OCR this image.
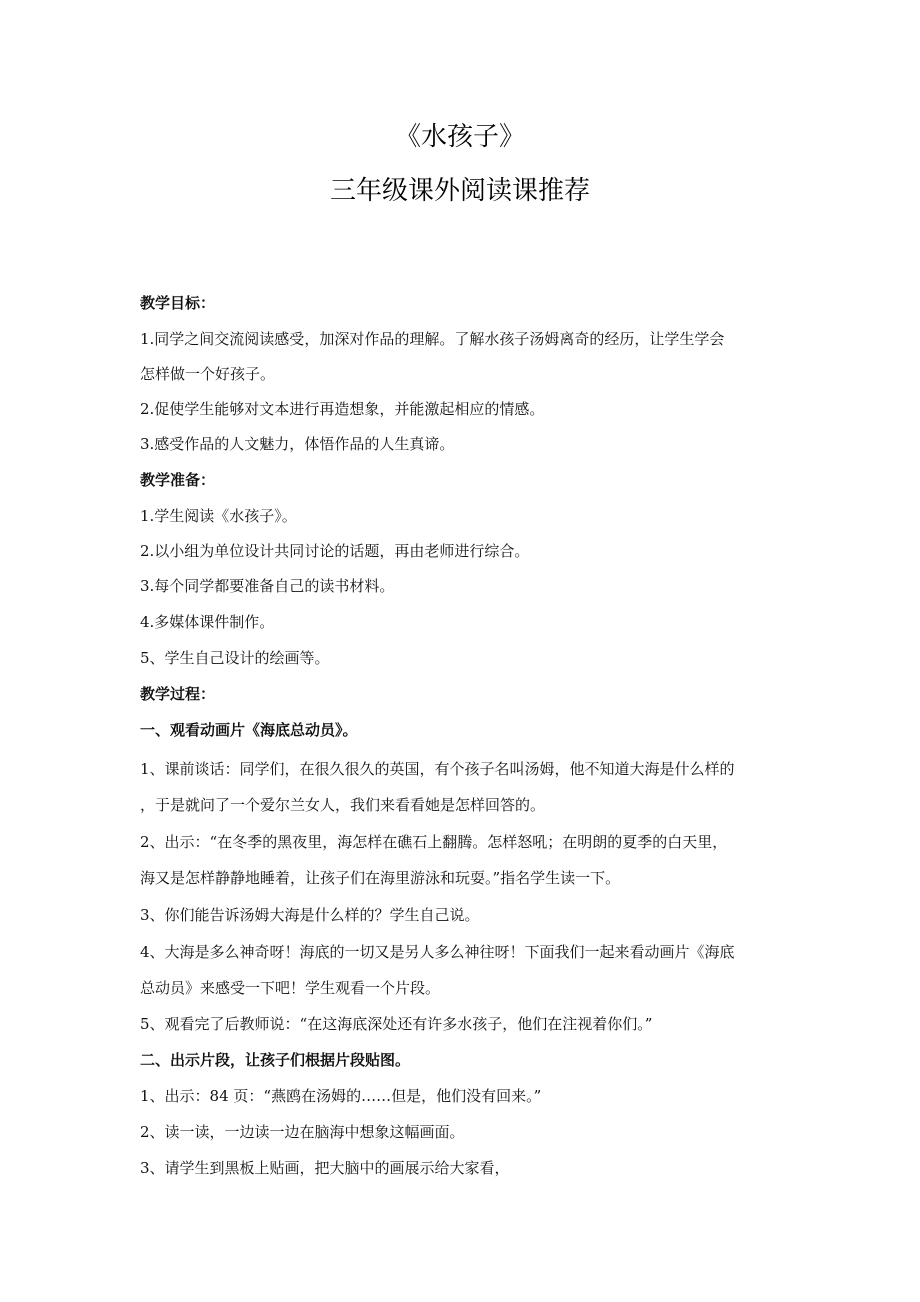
《水孩子》
三年级课外阅读课推荐
教学目标：
1.同学之间交流阅读感受，加深对作品的理解。了解水孩子汤姆离奇的经历，让学生学会
怎样做一个好孩子。
2.促使学生能够对文本进行再造想象，并能激起相应的情感。
3.感受作品的人文魅力，体悟作品的人生真谛。
教学准备：
1.学生阅读《水孩子》。
2.以小组为单位设计共同讨论的话题，再由老师进行综合。
3.每个同学都要准备自己的读书材料。
4.多媒体课件制作。
5、学生自己设计的绘画等。
教学过程：
一、观看动画片《海底总动员》。
1、课前谈话：同学们，在很久很久的英国，有个孩子名叫汤姆，他不知道大海是什么样的
，于是就问了一个爱尔兰女人，我们来看看她是怎样回答的。
2、出示：“在冬季的黑夜里，海怎样在礁石上翻腾。怎样怒吼；在明朗的夏季的白天里，
海又是怎样静静地睡着，让孩子们在海里游泳和玩耍。”指名学生读一下。
3、你们能告诉汤姆大海是什么样的？学生自己说。
4、大海是多么神奇呀！海底的一切又是另人多么神往呀！下面我们一起来看动画片《海底
总动员》来感受一下吧！学生观看一个片段。
5、观看完了后教师说：“在这海底深处还有许多水孩子，他们在注视着你们。”
二、出示片段，让孩子们根据片段贴图。
1、出示：84 页：“燕鸥在汤姆的……但是，他们没有回来。”
2、读一读，一边读一边在脑海中想象这幅画面。
3、请学生到黑板上贴画，把大脑中的画展示给大家看，
